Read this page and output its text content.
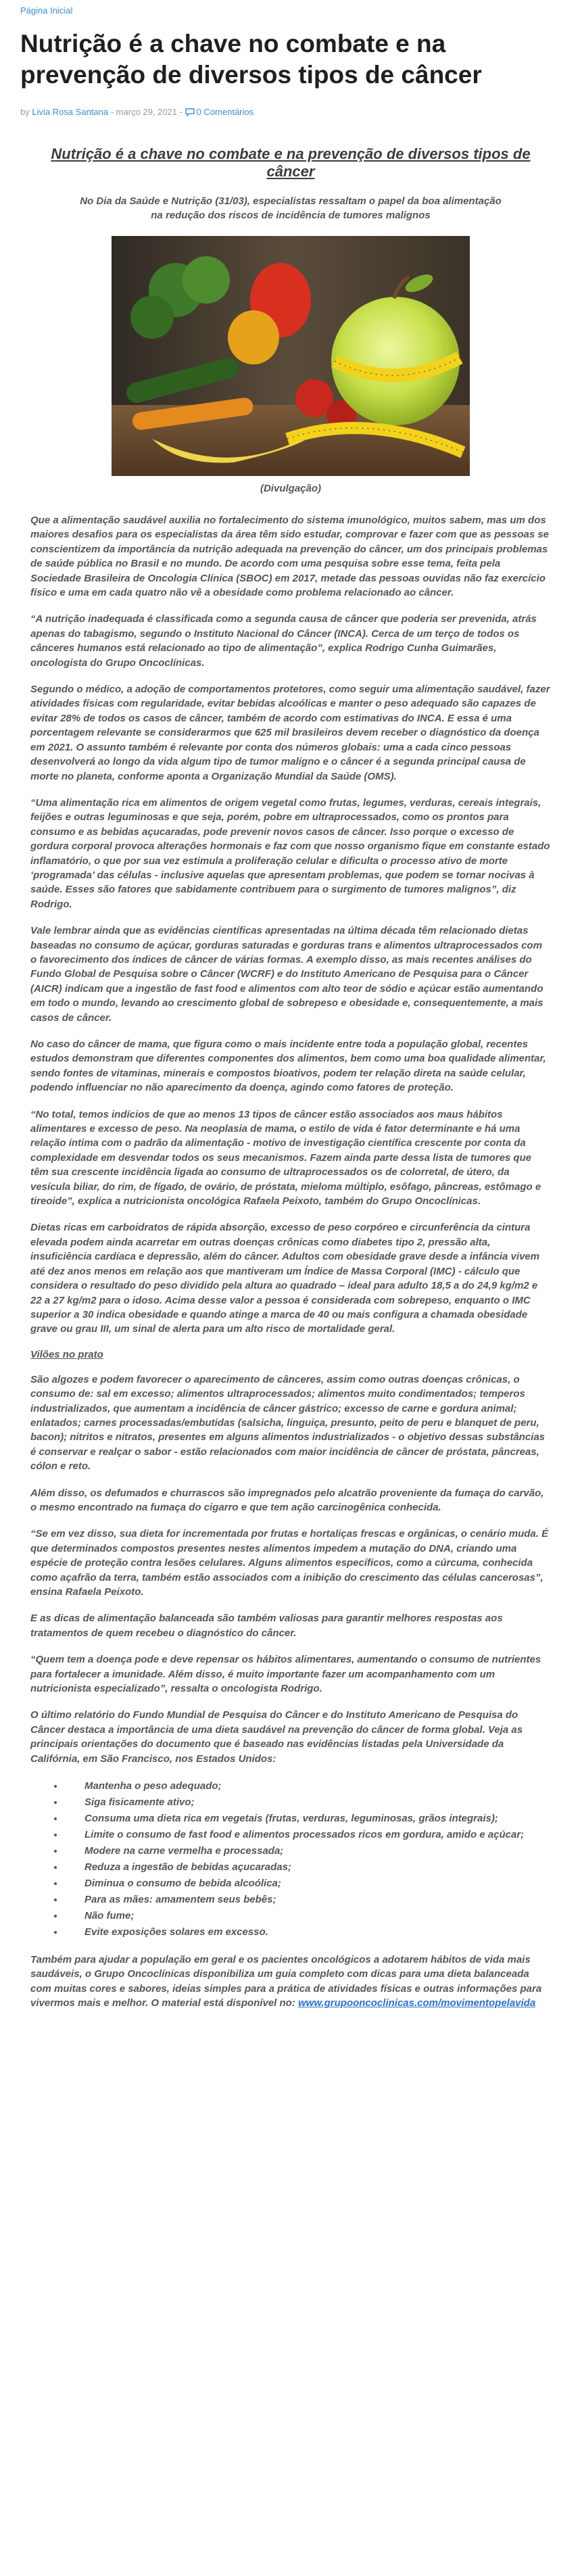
Página Inicial
Nutrição é a chave no combate e na prevenção de diversos tipos de câncer
by Livia Rosa Santana - março 29, 2021 - 0 Comentários
Nutrição é a chave no combate e na prevenção de diversos tipos de câncer

No Dia da Saúde e Nutrição (31/03), especialistas ressaltam o papel da boa alimentação na redução dos riscos de incidência de tumores malignos

(Divulgação)

Que a alimentação saudável auxilia no fortalecimento do sistema imunológico, muitos sabem, mas um dos maiores desafios para os especialistas da área têm sido estudar, comprovar e fazer com que as pessoas se conscientizem da importância da nutrição adequada na prevenção do câncer, um dos principais problemas de saúde pública no Brasil e no mundo. De acordo com uma pesquisa sobre esse tema, feita pela Sociedade Brasileira de Oncologia Clínica (SBOC) em 2017, metade das pessoas ouvidas não faz exercício físico e uma em cada quatro não vê a obesidade como problema relacionado ao câncer.

“A nutrição inadequada é classificada como a segunda causa de câncer que poderia ser prevenida, atrás apenas do tabagismo, segundo o Instituto Nacional do Câncer (INCA). Cerca de um terço de todos os cânceres humanos está relacionado ao tipo de alimentação”, explica Rodrigo Cunha Guimarães, oncologista do Grupo Oncoclínicas.

Segundo o médico, a adoção de comportamentos protetores, como seguir uma alimentação saudável, fazer atividades físicas com regularidade, evitar bebidas alcoólicas e manter o peso adequado são capazes de evitar 28% de todos os casos de câncer, também de acordo com estimativas do INCA. E essa é uma porcentagem relevante se considerarmos que 625 mil brasileiros devem receber o diagnóstico da doença em 2021. O assunto também é relevante por conta dos números globais: uma a cada cinco pessoas desenvolverá ao longo da vida algum tipo de tumor maligno e o câncer é a segunda principal causa de morte no planeta, conforme aponta a Organização Mundial da Saúde (OMS).

“Uma alimentação rica em alimentos de origem vegetal como frutas, legumes, verduras, cereais integrais, feijões e outras leguminosas e que seja, porém, pobre em ultraprocessados, como os prontos para consumo e as bebidas açucaradas, pode prevenir novos casos de câncer. Isso porque o excesso de gordura corporal provoca alterações hormonais e faz com que nosso organismo fique em constante estado inflamatório, o que por sua vez estimula a proliferação celular e dificulta o processo ativo de morte ‘programada’ das células - inclusive aquelas que apresentam problemas, que podem se tornar nocivas à saúde. Esses são fatores que sabidamente contribuem para o surgimento de tumores malignos”, diz Rodrigo.

Vale lembrar ainda que as evidências científicas apresentadas na última década têm relacionado dietas baseadas no consumo de açúcar, gorduras saturadas e gorduras trans e alimentos ultraprocessados com o favorecimento dos índices de câncer de várias formas. A exemplo disso, as mais recentes análises do Fundo Global de Pesquisa sobre o Câncer (WCRF) e do Instituto Americano de Pesquisa para o Câncer (AICR) indicam que a ingestão de fast food e alimentos com alto teor de sódio e açúcar estão aumentando em todo o mundo, levando ao crescimento global de sobrepeso e obesidade e, consequentemente, a mais casos de câncer.

No caso do câncer de mama, que figura como o mais incidente entre toda a população global, recentes estudos demonstram que diferentes componentes dos alimentos, bem como uma boa qualidade alimentar, sendo fontes de vitaminas, minerais e compostos bioativos, podem ter relação direta na saúde celular, podendo influenciar no não aparecimento da doença, agindo como fatores de proteção.

“No total, temos indícios de que ao menos 13 tipos de câncer estão associados aos maus hábitos alimentares e excesso de peso. Na neoplasia de mama, o estilo de vida é fator determinante e há uma relação íntima com o padrão da alimentação - motivo de investigação científica crescente por conta da complexidade em desvendar todos os seus mecanismos. Fazem ainda parte dessa lista de tumores que têm sua crescente incidência ligada ao consumo de ultraprocessados os de colorretal, de útero, da vesícula biliar, do rim, de fígado, de ovário, de próstata, mieloma múltiplo, esôfago, pâncreas, estômago e tireoide”, explica a nutricionista oncológica Rafaela Peixoto, também do Grupo Oncoclínicas.

Dietas ricas em carboidratos de rápida absorção, excesso de peso corpóreo e circunferência da cintura elevada podem ainda acarretar em outras doenças crônicas como diabetes tipo 2, pressão alta, insuficiência cardíaca e depressão, além do câncer. Adultos com obesidade grave desde a infância vivem até dez anos menos em relação aos que mantiveram um Índice de Massa Corporal (IMC) - cálculo que considera o resultado do peso dividido pela altura ao quadrado – ideal para adulto 18,5 a do 24,9 kg/m2 e 22 a 27 kg/m2 para o idoso. Acima desse valor a pessoa é considerada com sobrepeso, enquanto o IMC superior a 30 indica obesidade e quando atinge a marca de 40 ou mais configura a chamada obesidade grave ou grau III, um sinal de alerta para um alto risco de mortalidade geral.

Vilões no prato

São algozes e podem favorecer o aparecimento de cânceres, assim como outras doenças crônicas, o consumo de: sal em excesso; alimentos ultraprocessados; alimentos muito condimentados; temperos industrializados, que aumentam a incidência de câncer gástrico; excesso de carne e gordura animal; enlatados; carnes processadas/embutidas (salsicha, linguiça, presunto, peito de peru e blanquet de peru, bacon); nitritos e nitratos, presentes em alguns alimentos industrializados - o objetivo dessas substâncias é conservar e realçar o sabor - estão relacionados com maior incidência de câncer de próstata, pâncreas, cólon e reto.

Além disso, os defumados e churrascos são impregnados pelo alcatrão proveniente da fumaça do carvão, o mesmo encontrado na fumaça do cigarro e que tem ação carcinogênica conhecida.

“Se em vez disso, sua dieta for incrementada por frutas e hortaliças frescas e orgânicas, o cenário muda. É que determinados compostos presentes nestes alimentos impedem a mutação do DNA, criando uma espécie de proteção contra lesões celulares. Alguns alimentos específicos, como a cúrcuma, conhecida como açafrão da terra, também estão associados com a inibição do crescimento das células cancerosas”, ensina Rafaela Peixoto.

E as dicas de alimentação balanceada são também valiosas para garantir melhores respostas aos tratamentos de quem recebeu o diagnóstico do câncer.

“Quem tem a doença pode e deve repensar os hábitos alimentares, aumentando o consumo de nutrientes para fortalecer a imunidade. Além disso, é muito importante fazer um acompanhamento com um nutricionista especializado”, ressalta o oncologista Rodrigo.

O último relatório do Fundo Mundial de Pesquisa do Câncer e do Instituto Americano de Pesquisa do Câncer destaca a importância de uma dieta saudável na prevenção do câncer de forma global. Veja as principais orientações do documento que é baseado nas evidências listadas pela Universidade da Califórnia, em São Francisco, nos Estados Unidos:

• Mantenha o peso adequado;
• Siga fisicamente ativo;
• Consuma uma dieta rica em vegetais (frutas, verduras, leguminosas, grãos integrais);
• Limite o consumo de fast food e alimentos processados ricos em gordura, amido e açúcar;
• Modere na carne vermelha e processada;
• Reduza a ingestão de bebidas açucaradas;
• Diminua o consumo de bebida alcoólica;
• Para as mães: amamentem seus bebês;
• Não fume;
• Evite exposições solares em excesso.

Também para ajudar a população em geral e os pacientes oncológicos a adotarem hábitos de vida mais saudáveis, o Grupo Oncoclínicas disponibiliza um guia completo com dicas para uma dieta balanceada com muitas cores e sabores, ideias simples para a prática de atividades físicas e outras informações para vivermos mais e melhor. O material está disponível no: www.grupooncoclinicas.com/movimentopelavida
